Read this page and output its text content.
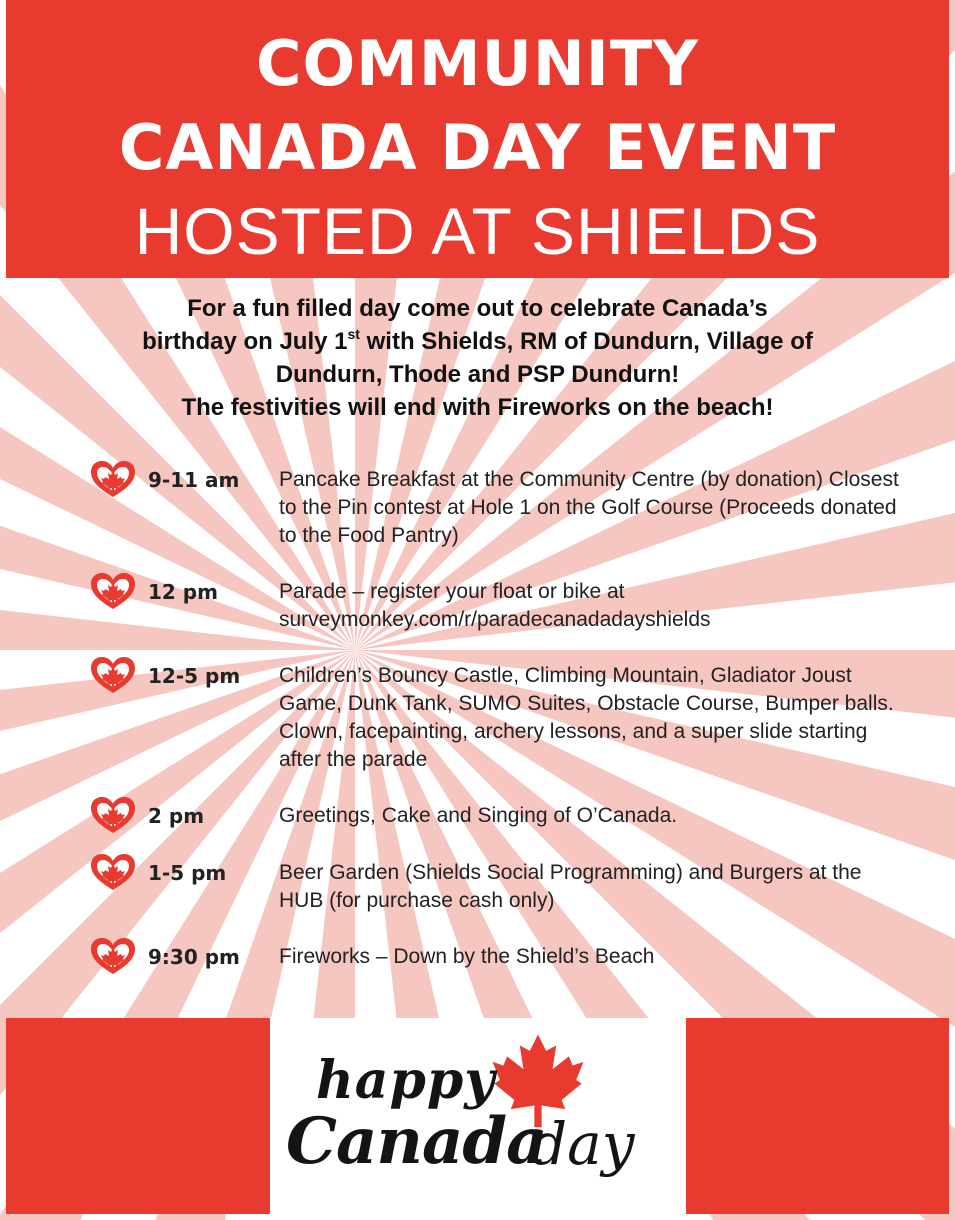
COMMUNITY
CANADA DAY EVENT
HOSTED AT SHIELDS
For a fun filled day come out to celebrate Canada’s
birthday on July 1st with Shields, RM of Dundurn, Village of
Dundurn, Thode and PSP Dundurn!
The festivities will end with Fireworks on the beach!
9-11 am Pancake Breakfast at the Community Centre (by donation) Closest to the Pin contest at Hole 1 on the Golf Course (Proceeds donated to the Food Pantry)
12 pm	Parade – register your float or bike at surveymonkey.com/r/paradecanadadayshields
12-5 pm Children’s Bouncy Castle, Climbing Mountain, Gladiator Joust Game, Dunk Tank, SUMO Suites, Obstacle Course, Bumper balls. Clown, facepainting, archery lessons, and a super slide starting after the parade
2 pm	Greetings, Cake and Singing of O’Canada.
1-5 pm	Beer Garden (Shields Social Programming) and Burgers at the HUB (for purchase cash only)
9:30 pm Fireworks – Down by the Shield’s Beach
happy
Canada
day
